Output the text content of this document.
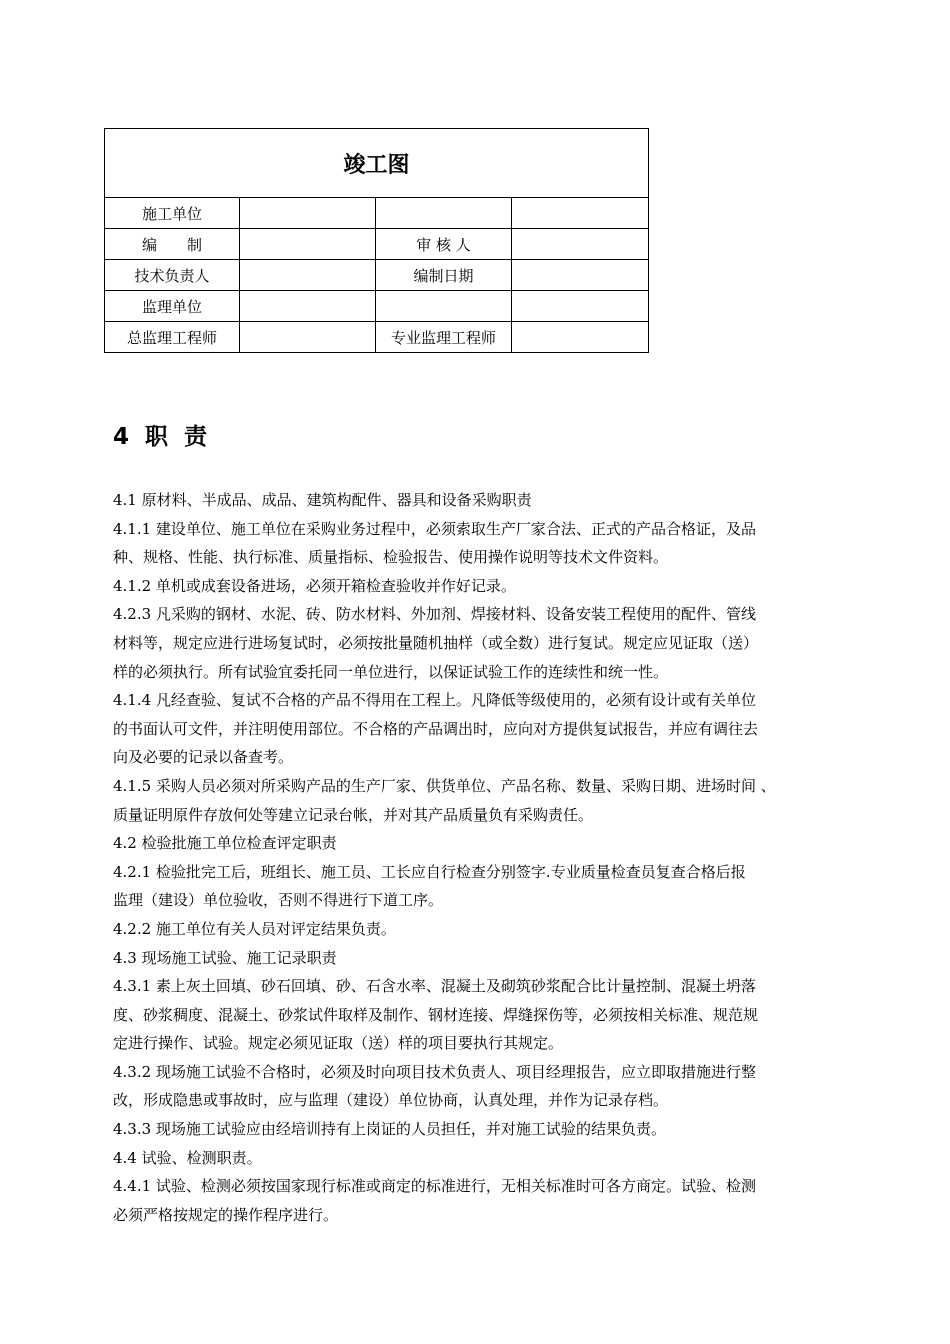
竣工图			
施工单位			
编　　制		审 核 人	
技术负责人		编制日期	
监理单位			
总监理工程师		专业监理工程师	
4 职 责

4.1 原材料、半成品、成品、建筑构配件、器具和设备采购职责

4.1.1 建设单位、施工单位在采购业务过程中，必须索取生产厂家合法、正式的产品合格证，及品

种、规格、性能、执行标准、质量指标、检验报告、使用操作说明等技术文件资料。

4.1.2 单机或成套设备进场，必须开箱检查验收并作好记录。

4.2.3 凡采购的钢材、水泥、砖、防水材料、外加剂、焊接材料、设备安装工程使用的配件、管线

材料等，规定应进行进场复试时，必须按批量随机抽样（或全数）进行复试。规定应见证取（送）

样的必须执行。所有试验宜委托同一单位进行，以保证试验工作的连续性和统一性。

4.1.4 凡经查验、复试不合格的产品不得用在工程上。凡降低等级使用的，必须有设计或有关单位

的书面认可文件，并注明使用部位。不合格的产品调出时，应向对方提供复试报告，并应有调往去

向及必要的记录以备查考。

4.1.5 采购人员必须对所采购产品的生产厂家、供货单位、产品名称、数量、采购日期、进场时间 、

质量证明原件存放何处等建立记录台帐，并对其产品质量负有采购责任。

4.2 检验批施工单位检查评定职责

4.2.1 检验批完工后，班组长、施工员、工长应自行检查分别签字.专业质量检查员复查合格后报

监理（建设）单位验收，否则不得进行下道工序。

4.2.2 施工单位有关人员对评定结果负责。

4.3 现场施工试验、施工记录职责

4.3.1 素上灰土回填、砂石回填、砂、石含水率、混凝土及砌筑砂浆配合比计量控制、混凝土坍落

度、砂浆稠度、混凝土、砂浆试件取样及制作、钢材连接、焊缝探伤等，必须按相关标准、规范规

定进行操作、试验。规定必须见证取（送）样的项目要执行其规定。

4.3.2 现场施工试验不合格时，必须及时向项目技术负责人、项目经理报告，应立即取措施进行整

改，形成隐患或事故时，应与监理（建设）单位协商，认真处理，并作为记录存档。

4.3.3 现场施工试验应由经培训持有上岗证的人员担任，并对施工试验的结果负责。

4.4 试验、检测职责。

4.4.1 试验、检测必须按国家现行标准或商定的标准进行，无相关标准时可各方商定。试验、检测

必须严格按规定的操作程序进行。
